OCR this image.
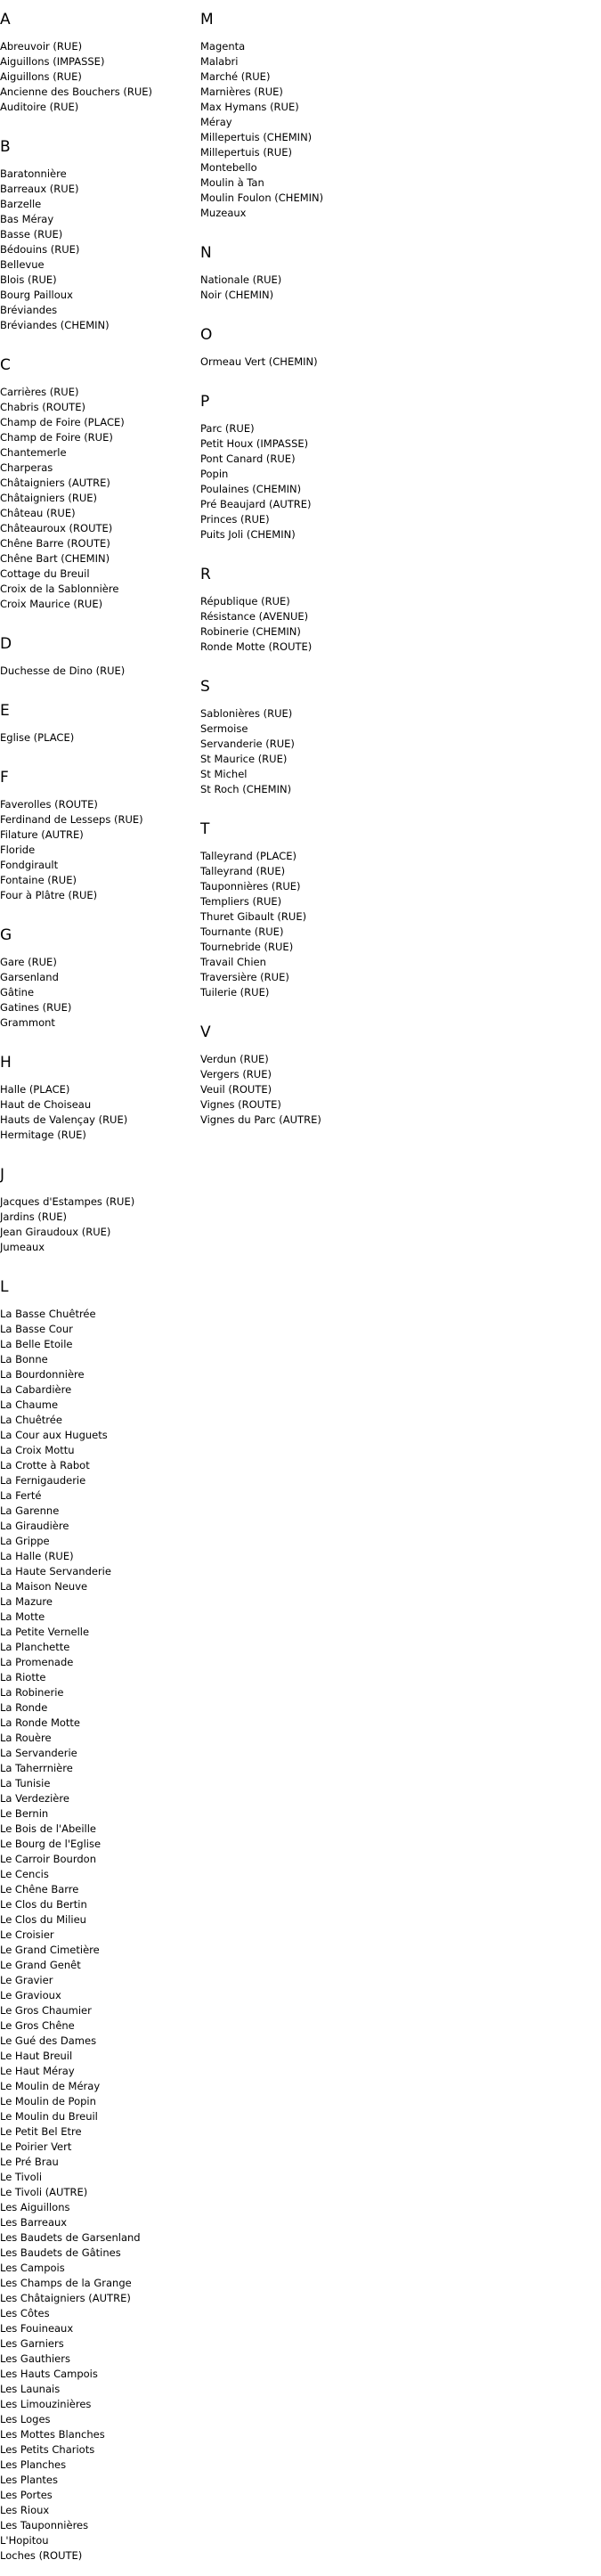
A
Abreuvoir (RUE)
Aiguillons (IMPASSE)
Aiguillons (RUE)
Ancienne des Bouchers (RUE)
Auditoire (RUE)
B
Baratonnière
Barreaux (RUE)
Barzelle
Bas Méray
Basse (RUE)
Bédouins (RUE)
Bellevue
Blois (RUE)
Bourg Pailloux
Bréviandes
Bréviandes (CHEMIN)
C
Carrières (RUE)
Chabris (ROUTE)
Champ de Foire (PLACE)
Champ de Foire (RUE)
Chantemerle
Charperas
Châtaigniers (AUTRE)
Châtaigniers (RUE)
Château (RUE)
Châteauroux (ROUTE)
Chêne Barre (ROUTE)
Chêne Bart (CHEMIN)
Cottage du Breuil
Croix de la Sablonnière
Croix Maurice (RUE)
D
Duchesse de Dino (RUE)
E
Eglise (PLACE)
F
Faverolles (ROUTE)
Ferdinand de Lesseps (RUE)
Filature (AUTRE)
Floride
Fondgirault
Fontaine (RUE)
Four à Plâtre (RUE)
G
Gare (RUE)
Garsenland
Gâtine
Gatines (RUE)
Grammont
H
Halle (PLACE)
Haut de Choiseau
Hauts de Valençay (RUE)
Hermitage (RUE)
J
Jacques d'Estampes (RUE)
Jardins (RUE)
Jean Giraudoux (RUE)
Jumeaux
L
La Basse Chuêtrée
La Basse Cour
La Belle Etoile
La Bonne
La Bourdonnière
La Cabardière
La Chaume
La Chuêtrée
La Cour aux Huguets
La Croix Mottu
La Crotte à Rabot
La Fernigauderie
La Ferté
La Garenne
La Giraudière
La Grippe
La Halle (RUE)
La Haute Servanderie
La Maison Neuve
La Mazure
La Motte
La Petite Vernelle
La Planchette
La Promenade
La Riotte
La Robinerie
La Ronde
La Ronde Motte
La Rouère
La Servanderie
La Taherrnière
La Tunisie
La Verdezière
Le Bernin
Le Bois de l'Abeille
Le Bourg de l'Eglise
Le Carroir Bourdon
Le Cencis
Le Chêne Barre
Le Clos du Bertin
Le Clos du Milieu
Le Croisier
Le Grand Cimetière
Le Grand Genêt
Le Gravier
Le Gravioux
Le Gros Chaumier
Le Gros Chêne
Le Gué des Dames
Le Haut Breuil
Le Haut Méray
Le Moulin de Méray
Le Moulin de Popin
Le Moulin du Breuil
Le Petit Bel Etre
Le Poirier Vert
Le Pré Brau
Le Tivoli
Le Tivoli (AUTRE)
Les Aiguillons
Les Barreaux
Les Baudets de Garsenland
Les Baudets de Gâtines
Les Campois
Les Champs de la Grange
Les Châtaigniers (AUTRE)
Les Côtes
Les Fouineaux
Les Garniers
Les Gauthiers
Les Hauts Campois
Les Launais
Les Limouzinières
Les Loges
Les Mottes Blanches
Les Petits Chariots
Les Planches
Les Plantes
Les Portes
Les Rioux
Les Tauponnières
L'Hopitou
Loches (ROUTE)
M
Magenta
Malabri
Marché (RUE)
Marnières (RUE)
Max Hymans (RUE)
Méray
Millepertuis (CHEMIN)
Millepertuis (RUE)
Montebello
Moulin à Tan
Moulin Foulon (CHEMIN)
Muzeaux
N
Nationale (RUE)
Noir (CHEMIN)
O
Ormeau Vert (CHEMIN)
P
Parc (RUE)
Petit Houx (IMPASSE)
Pont Canard (RUE)
Popin
Poulaines (CHEMIN)
Pré Beaujard (AUTRE)
Princes (RUE)
Puits Joli (CHEMIN)
R
République (RUE)
Résistance (AVENUE)
Robinerie (CHEMIN)
Ronde Motte (ROUTE)
S
Sablonières (RUE)
Sermoise
Servanderie (RUE)
St Maurice (RUE)
St Michel
St Roch (CHEMIN)
T
Talleyrand (PLACE)
Talleyrand (RUE)
Tauponnières (RUE)
Templiers (RUE)
Thuret Gibault (RUE)
Tournante (RUE)
Tournebride (RUE)
Travail Chien
Traversière (RUE)
Tuilerie (RUE)
V
Verdun (RUE)
Vergers (RUE)
Veuil (ROUTE)
Vignes (ROUTE)
Vignes du Parc (AUTRE)
